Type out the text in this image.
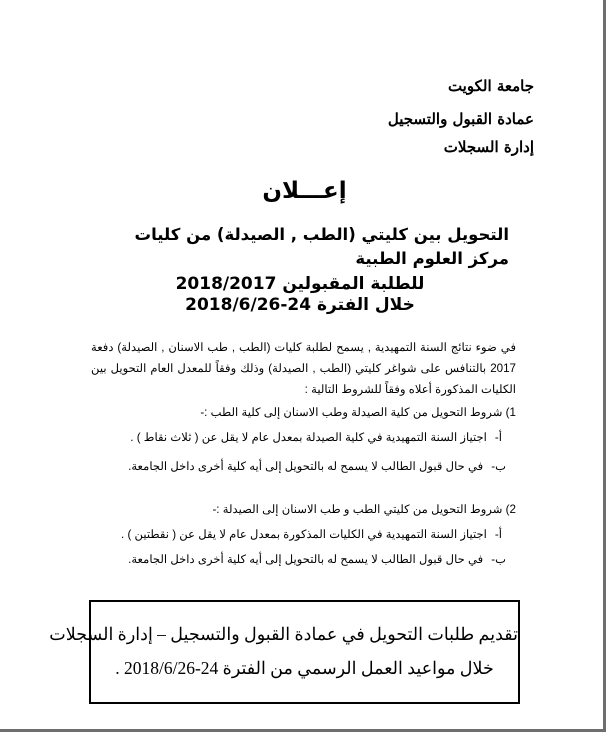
جامعة الكويت
عمادة القبول والتسجيل
إدارة السجلات
إعـــلان
التحويل بين كليتي (الطب , الصيدلة) من كليات مركز العلوم الطبية
للطلبة المقبولين 2018/2017
خلال الفترة 24-2018/6/26
في ضوء نتائج السنة التمهيدية , يسمح لطلبة كليات (الطب , طب الاسنان , الصيدلة) دفعة 2017 بالتنافس على شواغر كليتي (الطب , الصيدلة) وذلك وفقاً للمعدل العام التحويل بين الكليات المذكورة أعلاه وفقاً للشروط التالية :
1) شروط التحويل من كلية الصيدلة وطب الاسنان إلى كلية الطب :-
أ-اجتياز السنة التمهيدية في كلية الصيدلة بمعدل عام لا يقل عن ( ثلاث نقاط ) .
ب-في حال قبول الطالب لا يسمح له بالتحويل إلى أيه كلية أخرى داخل الجامعة.
2) شروط التحويل من كليتي الطب و طب الاسنان إلى الصيدلة :-
أ-اجتياز السنة التمهيدية في الكليات المذكورة بمعدل عام لا يقل عن ( نقطتين ) .
ب-في حال قبول الطالب لا يسمح له بالتحويل إلى أيه كلية أخرى داخل الجامعة.
تقديم طلبات التحويل في عمادة القبول والتسجيل – إدارة السجلات
خلال مواعيد العمل الرسمي من الفترة 24-2018/6/26 .
